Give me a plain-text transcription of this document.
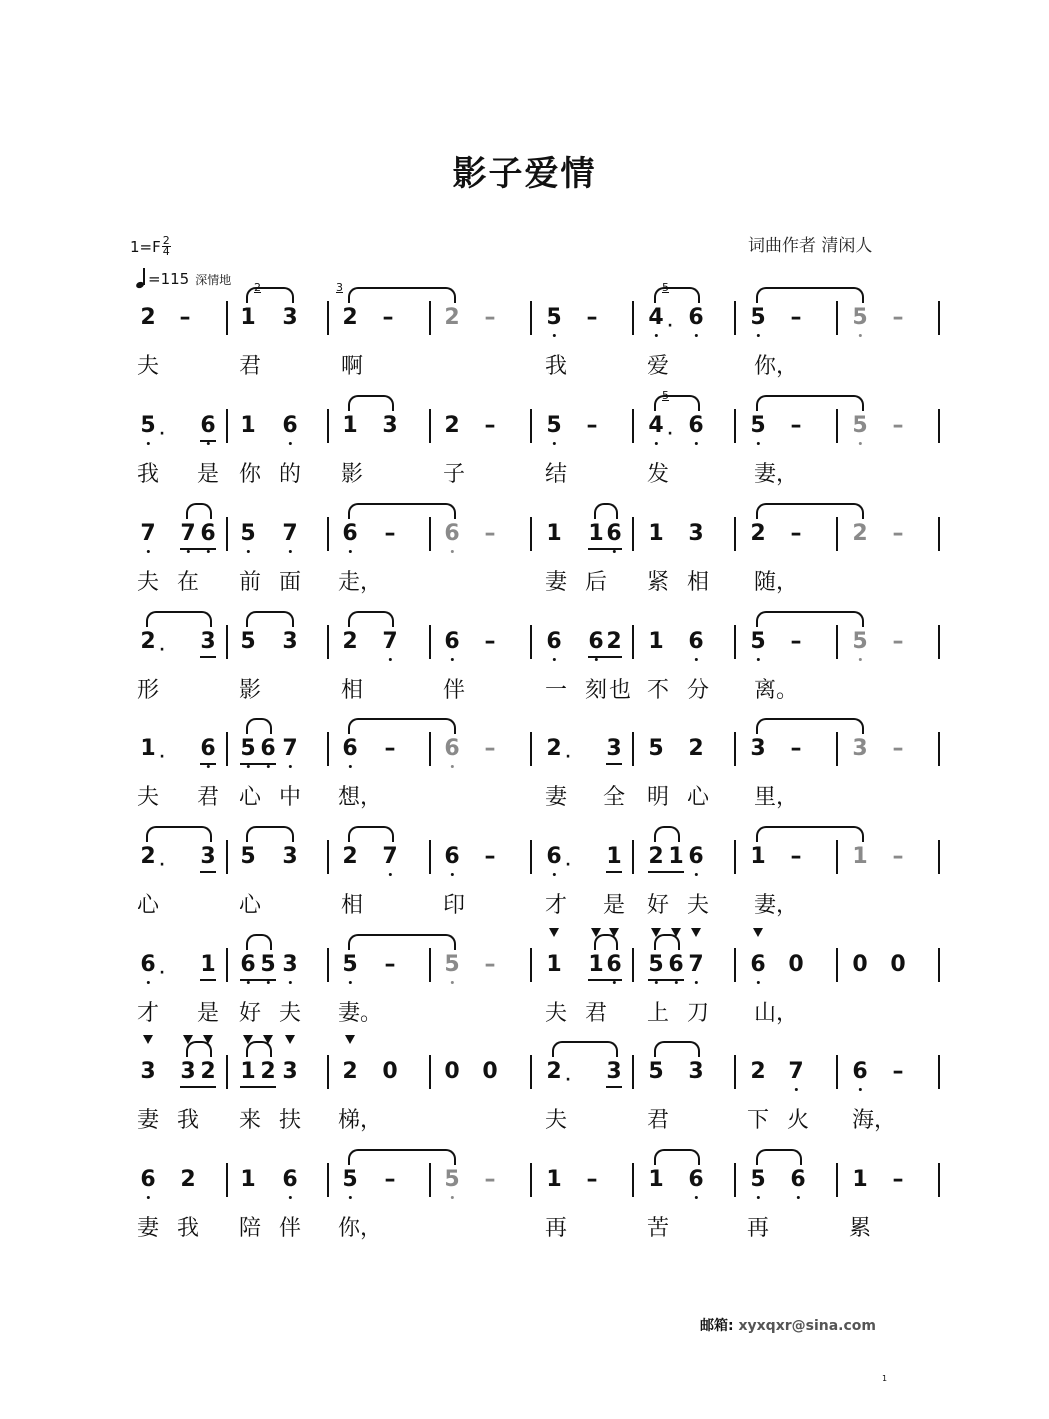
影子爱情
$1=F \frac{2}{4}$
=115 深情地
词曲作者 清闲人
2 – 1 3 2 – 2 – 5 – 4 · 6 5 – 5 –
2	3	5
夫	君	啊	我	爱	你，
5 · 6 1 6 1 3 2 – 5 – 4 · 6 5 – 5 –
5
我 是 你 的 影	子	结	发	妻，
7 7 6 5 7 6 – 6 – 1 1 6 1 3 2 – 2 –
夫 在 前 面 走，	妻 后 紧 相 随，
2 · 3 5 3 2 7 6 – 6 6 2 1 6 5 – 5 –
形	影	相	伴	一 刻 也 不 分 离。
1 · 6 5 6 7 6 – 6 – 2 · 3 5 2 3 – 3 –
夫 君 心 中 想，	妻 全 明 心 里，
2 · 3 5 3 2 7 6 – 6 · 1 2 1 6 1 – 1 –
心	心	相	印	才 是 好 夫 妻，
6 · 1 6 5 3 5 – 5 – 1 1 6 5 6 7 6 0 0 0
才 是 好 夫 妻。	夫 君 上 刀 山，
3 3 2 1 2 3 2 0 0 0 2 · 3 5 3 2 7 6 –
妻 我 来 扶 梯，	夫	君	下 火 海，
6 2 1 6 5 – 5 – 1 – 1 6 5 6 1 –
妻 我 陪 伴 你，	再	苦	再	累
邮箱: xyxqxr@sina.com
1
